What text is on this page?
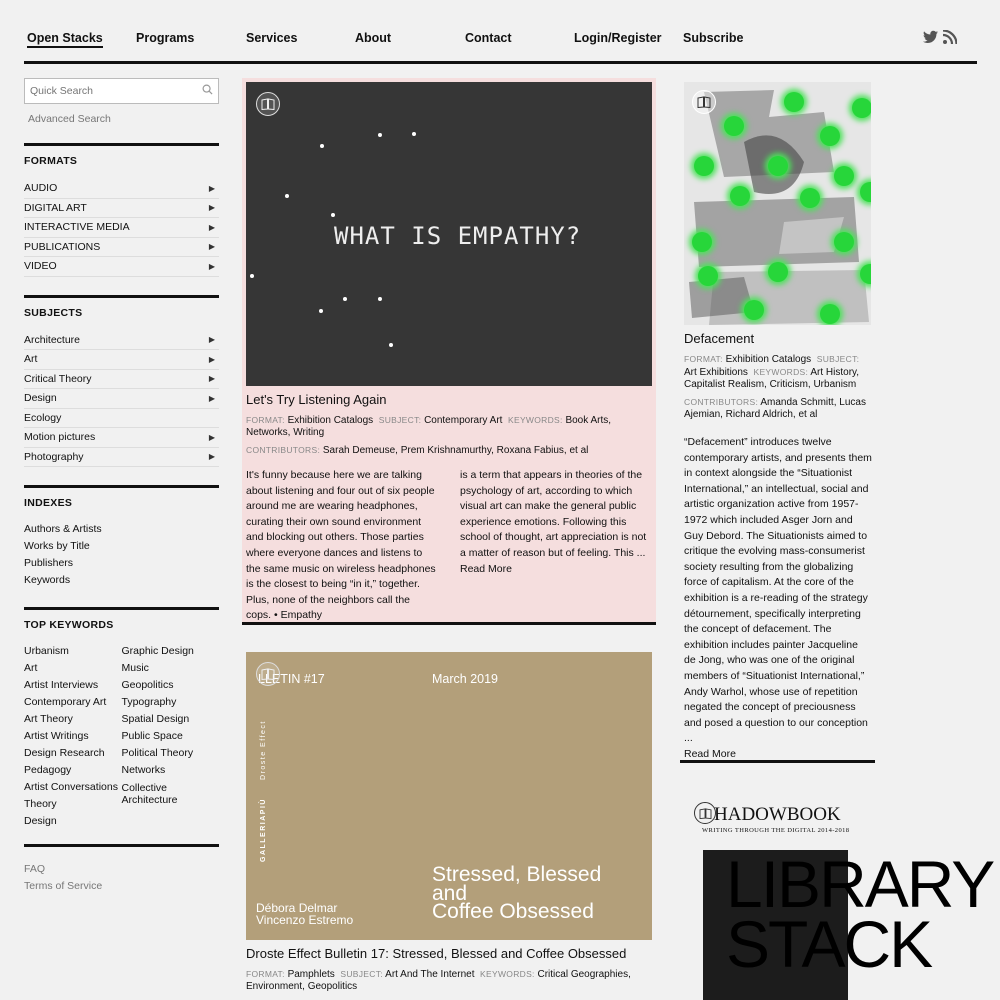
Open Stacks	Programs	Services	About	Contact	Login/Register Subscribe
Quick Search
Advanced Search
FORMATS
AUDIO	▶
DIGITAL ART	▶
INTERACTIVE MEDIA	▶
PUBLICATIONS	▶
VIDEO	▶
SUBJECTS
Architecture	▶
Art	▶
Critical Theory	▶
Design	▶
Ecology
Motion pictures	▶
Photography	▶
INDEXES
Authors & Artists
Works by Title
Publishers
Keywords
TOP KEYWORDS
Urbanism
Art
Artist Interviews
Contemporary Art
Art Theory
Artist Writings
Design Research
Pedagogy
Artist Conversations
Theory
Design
Graphic Design
Music
Geopolitics
Typography
Spatial Design
Public Space
Political Theory
Networks
Collective
Architecture
FAQ
Terms of Service
WHAT IS EMPATHY?
Let's Try Listening Again
FORMAT: Exhibition Catalogs SUBJECT: Contemporary Art KEYWORDS: Book Arts, Networks, Writing
CONTRIBUTORS: Sarah Demeuse, Prem Krishnamurthy, Roxana Fabius, et al

It's funny because here we are talking about listening and four out of six people around me are wearing headphones, curating their own sound environment and blocking out others. Those parties where everyone dances and listens to the same music on wireless headphones is the closest to being “in it,” together. Plus, none of the neighbors call the cops. • Empathy

is a term that appears in theories of the psychology of art, according to which visual art can make the general public experience emotions. Following this school of thought, art appreciation is not a matter of reason but of feeling. This ...
Read More

LLETIN #17	March 2019
Droste Effect
GALLERIAPIÙ
Débora Delmar
Vincenzo Estremo
Stressed, Blessed
and
Coffee Obsessed
Droste Effect Bulletin 17: Stressed, Blessed and Coffee Obsessed
FORMAT: Pamphlets SUBJECT: Art And The Internet KEYWORDS: Critical Geographies, Environment, Geopolitics
Defacement
FORMAT: Exhibition Catalogs SUBJECT: Art Exhibitions KEYWORDS: Art History, Capitalist Realism, Criticism, Urbanism
CONTRIBUTORS: Amanda Schmitt, Lucas Ajemian, Richard Aldrich, et al
“Defacement” introduces twelve contemporary artists, and presents them in context alongside the “Situationist International,” an intellectual, social and artistic organization active from 1957-1972 which included Asger Jorn and Guy Debord. The Situationists aimed to critique the evolving mass-consumerist society resulting from the globalizing force of capitalism. At the core of the exhibition is a re-reading of the strategy détournement, specifically interpreting the concept of defacement. The exhibition includes painter Jacqueline de Jong, who was one of the original members of “Situationist International,” Andy Warhol, whose use of repetition negated the concept of preciousness and posed a question to our conception ...
Read More
HADOWBOOK
WRITING THROUGH THE DIGITAL 2014-2018
LIBRARY
STACK
